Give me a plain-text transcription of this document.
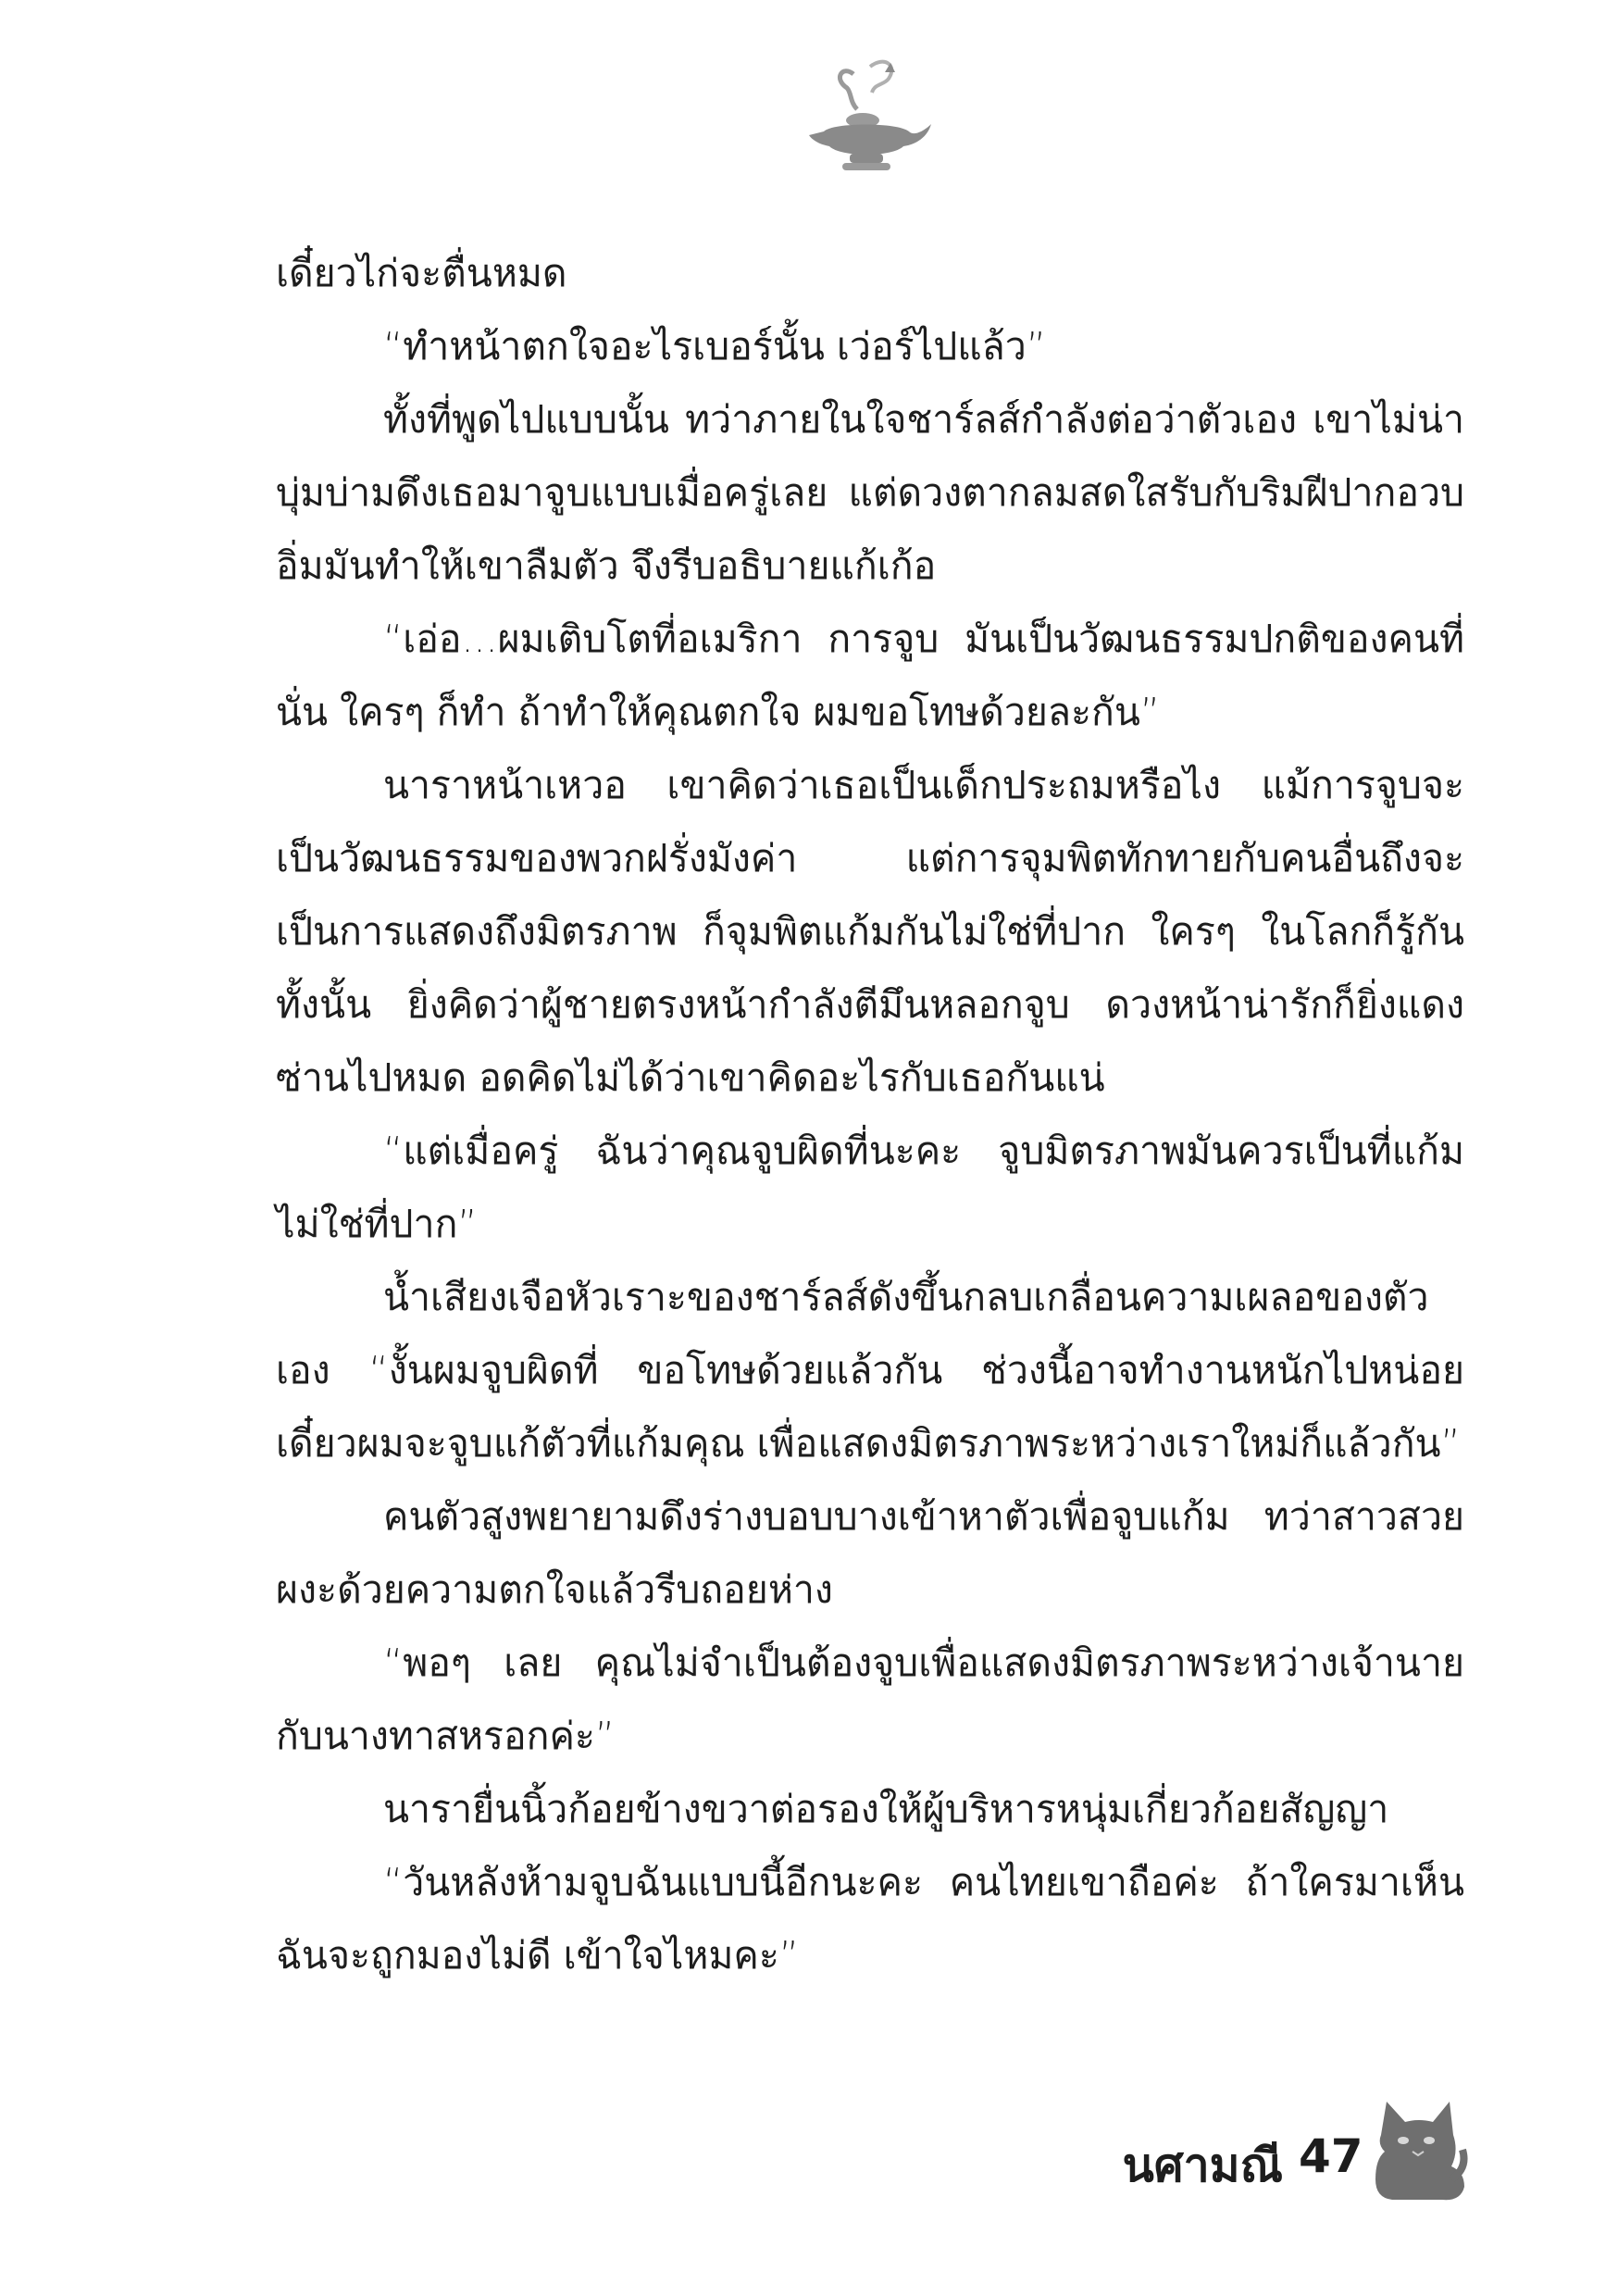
เดี๋ยวไก่จะตื่นหมด

“ทำหน้าตกใจอะไรเบอร์นั้น เว่อร์ไปแล้ว”

ทั้งที่พูดไปแบบนั้น ทว่าภายในใจชาร์ลส์กำลังต่อว่าตัวเอง เขาไม่น่าบุ่มบ่ามดึงเธอมาจูบแบบเมื่อครู่เลย แต่ดวงตากลมสดใสรับกับริมฝีปากอวบอิ่มมันทำให้เขาลืมตัว จึงรีบอธิบายแก้เก้อ

“เอ่อ...ผมเติบโตที่อเมริกา การจูบ มันเป็นวัฒนธรรมปกติของคนที่นั่น ใครๆ ก็ทำ ถ้าทำให้คุณตกใจ ผมขอโทษด้วยละกัน”

นาราหน้าเหวอ เขาคิดว่าเธอเป็นเด็กประถมหรือไง แม้การจูบจะเป็นวัฒนธรรมของพวกฝรั่งมังค่า แต่การจุมพิตทักทายกับคนอื่นถึงจะเป็นการแสดงถึงมิตรภาพ ก็จุมพิตแก้มกันไม่ใช่ที่ปาก ใครๆ ในโลกก็รู้กันทั้งนั้น ยิ่งคิดว่าผู้ชายตรงหน้ากำลังตีมึนหลอกจูบ ดวงหน้าน่ารักก็ยิ่งแดงซ่านไปหมด อดคิดไม่ได้ว่าเขาคิดอะไรกับเธอกันแน่

“แต่เมื่อครู่ ฉันว่าคุณจูบผิดที่นะคะ จูบมิตรภาพมันควรเป็นที่แก้ม ไม่ใช่ที่ปาก”

น้ำเสียงเจือหัวเราะของชาร์ลส์ดังขึ้นกลบเกลื่อนความเผลอของตัวเอง “งั้นผมจูบผิดที่ ขอโทษด้วยแล้วกัน ช่วงนี้อาจทำงานหนักไปหน่อย เดี๋ยวผมจะจูบแก้ตัวที่แก้มคุณ เพื่อแสดงมิตรภาพระหว่างเราใหม่ก็แล้วกัน”

คนตัวสูงพยายามดึงร่างบอบบางเข้าหาตัวเพื่อจูบแก้ม ทว่าสาวสวยผงะด้วยความตกใจแล้วรีบถอยห่าง

“พอๆ เลย คุณไม่จำเป็นต้องจูบเพื่อแสดงมิตรภาพระหว่างเจ้านายกับนางทาสหรอกค่ะ”

นารายื่นนิ้วก้อยข้างขวาต่อรองให้ผู้บริหารหนุ่มเกี่ยวก้อยสัญญา

“วันหลังห้ามจูบฉันแบบนี้อีกนะคะ คนไทยเขาถือค่ะ ถ้าใครมาเห็น ฉันจะถูกมองไม่ดี เข้าใจไหมคะ”

นศามณี 47
